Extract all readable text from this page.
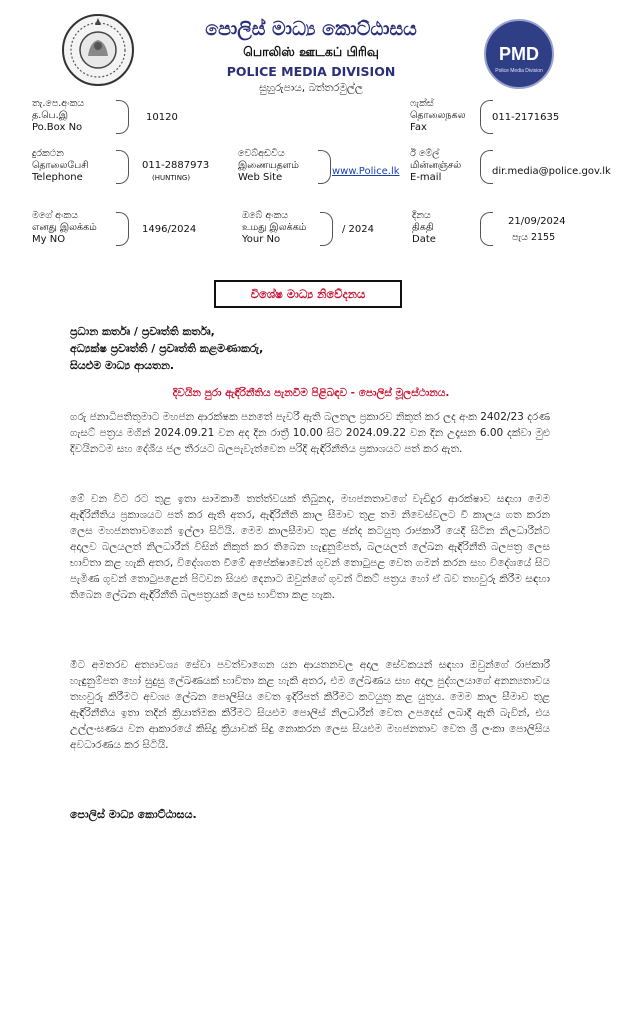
පොලිස් මාධ්‍ය කොට්ඨාසය
பொலிஸ் ஊடகப் பிரிவு
POLICE MEDIA DIVISION
සුහුරුපාය, බත්තරමුල්ල
PMD
Police Media Division
තැ.පෙ.අංකය
த.பெ.இ
Po.Box No
10120
ෆැක්ස්
தொலைநகல
Fax
011-2171635
දුරකථන
தொலைபேசி
Telephone
011-2887973
(HUNTING)
වෙබ්අඩවිය
இணையதளம்
Web Site
www.Police.lk
ඊ මේල්
மின்னஞ்சல்
E-mail
dir.media@police.gov.lk
මගේ අංකය
எனது இலக்கம்
My NO
1496/2024
ඔබේ අංකය
உமது இலக்கம்
Your No
/ 2024
දිනය
திகதி
Date
21/09/2024
පැය 2155
විශේෂ මාධ්‍ය නිවේදනය
ප්‍රධාන කර්තෘ / ප්‍රවෘත්ති කර්තෘ,
අධ්‍යක්ෂ ප්‍රවෘත්ති / ප්‍රවෘත්ති කළමණාකරු,
සියළුම මාධ්‍ය ආයතන.
දිවයින පුරා ඇඳිරිනීතිය පැනවීම පිළිබඳව - පොලිස් මූලස්ථානය.

ගරු ජනාධිපතිතුමාට මහජන ආරක්ෂක පනතේ පැවරී ඇති බලතල ප්‍රකාරව නිකුත් කර ලද අංක 2402/23 දරණ ගැසට් පත්‍රය මගින් 2024.09.21 වන අද දින රාත්‍රී 10.00 සිට 2024.09.22 වන දින උදෑසන 6.00 දක්වා මුළු දිවයිනටම සහ දේශීය ජල තීරයට බලපැවැත්වෙන පරිදි ඇඳිරිනීතිය ප්‍රකාශයට පත් කර ඇත.

මේ වන විට රට තුළ ඉතා සාමකාමී තත්ත්වයක් තිබුනද, මහජනතාවගේ වැඩිදුර ආරක්ෂාව සඳහා මෙම ඇඳිරිනීතිය ප්‍රකාශයට පත් කර ඇති අතර, ඇඳිරිනීති කාල සීමාව තුළ තම නිවෙස්වලට වී කාලය ගත කරන ලෙස මහජනතාවගෙන් ඉල්ලා සිටියි. මෙම කාලසීමාව තුළ ඡන්ද කටයුතු රාජකාරී යෙදී සිටින නිලධාරීන්ට අදාලව බලයලත් නිලධාරීන් විසින් නිකුත් කර තිබෙන හැඳුනුම්පත්, බලයලත් ලේඛන ඇඳිරිනීති බලපත්‍ර ලෙස භාවිතා කළ හැකි අතර, විදේශගත වීමේ අපේක්ෂාවෙන් ගුවන් තොටුපළ වෙත ගමන් කරන සහ විදේශයේ සිට පැමිණ ගුවන් තොටුපළෙන් පිටවන සියළු දෙනාට ඔවුන්ගේ ගුවන් ටිකට් පත්‍රය හෝ ඒ බව තහවුරු කිරීම සඳහා තිබෙන ලේඛන ඇඳිරිනීති බලපත්‍රයක් ලෙස භාවිතා කළ හැක.

මීට අමතරව අත්‍යාවශ්‍ය සේවා පවත්වාගෙන යන ආයතනවල අදාල සේවකයන් සඳහා ඔවුන්ගේ රාජකාරී හැඳුනුම්පත හෝ සුදුසු ලේඛණයක් භාවිතා කළ හැකි අතර, එම ලේඛණය සහ අදාල පුද්ගලයාගේ අනන්‍යතාවය තහවුරු කිරීමට අවශ්‍ය ලේඛන පොලිසිය වෙත ඉදිරිපත් කිරීමට කටයුතු කළ යුතුය. මෙම කාල සීමාව තුළ ඇඳිරිනීතිය ඉතා තදින් ක්‍රියාත්මක කිරීමට සියළුම පොලිස් නිලධාරීන් වෙත උපදෙස් ලබාදී ඇති බැවින්, එය උල්ලංඝණය වන ආකාරයේ කිසිදු ක්‍රියාවක් සිදු නොකරන ලෙස සියළුම මහජනතාව වෙත ශ්‍රී ලංකා පොලිසිය අවධාරණය කර සිටියි.

පොලිස් මාධ්‍ය කොට්ඨාසය.
